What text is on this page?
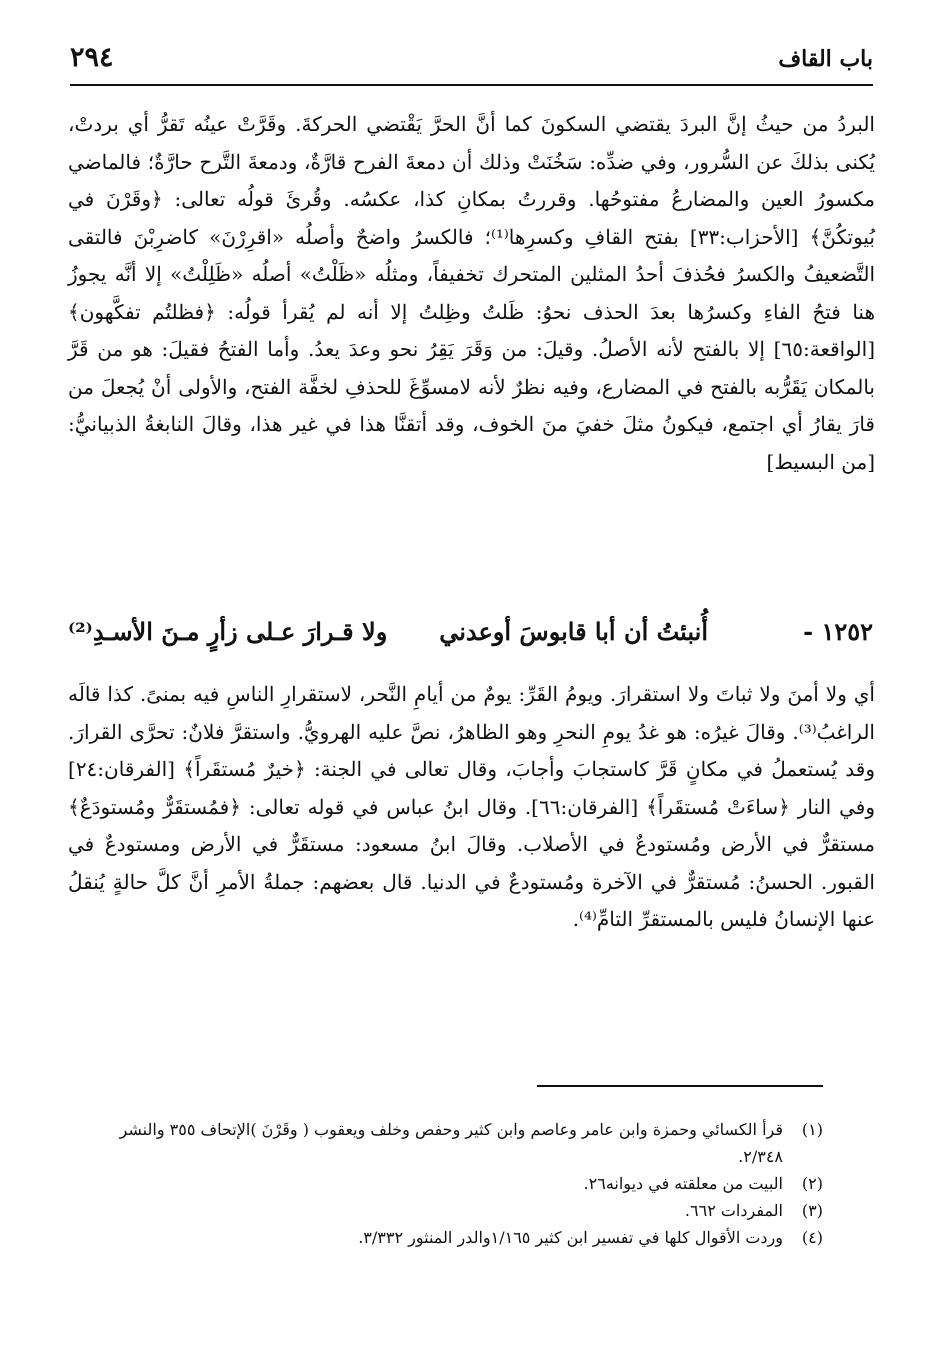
باب القاف
٢٩٤

البردُ من حيثُ إنَّ البردَ يقتضي السكونَ كما أنَّ الحرَّ يَقْتضي الحركةَ. وقَرَّتْ عينُه تَقرُّ أي بردتْ، يُكنى بذلكَ عن السُّرور، وفي ضدِّه: سَخُنَتْ وذلك أن دمعةَ الفرح قارَّةٌ، ودمعةَ التَّرح حارَّةٌ؛ فالماضي مكسورُ العين والمضارعُ مفتوحُها. وقررتُ بمكانِ كذا، عكسُه. وقُرئَ قولُه تعالى: ﴿وقَرْنَ في بُيوتكُنَّ﴾ [الأحزاب:٣٣] بفتح القافِ وكسرِها⁽¹⁾؛ فالكسرُ واضحٌ وأصلُه «اقرِرْنَ» كاضرِبْنَ فالتقى التَّضعيفُ والكسرُ فحُذفَ أحدُ المثلين المتحرك تخفيفاً، ومثلُه «ظَلْتُ» أصلُه «ظَلِلْتُ» إلا أنَّه يجوزُ هنا فتحُ الفاءِ وكسرُها بعدَ الحذف نحوُ: ظَلتُ وظِلتُ إلا أنه لم يُقرأ قولُه: ﴿فظلتُم تفكَّهون﴾ [الواقعة:٦٥] إلا بالفتح لأنه الأصلُ. وقيلَ: من وَقَرَ يَقِرُ نحو وعدَ يعدُ. وأما الفتحُ فقيلَ: هو من قَرَّ بالمكان يَقَرُّبه بالفتح في المضارع، وفيه نظرٌ لأنه لامسوِّغَ للحذفِ لخفَّة الفتح، والأولى أنْ يُجعلَ من قارَ يقارُ أي اجتمع، فيكونُ مثلَ خفيَ منَ الخوف، وقد أتقنَّا هذا في غير هذا، وقالَ النابغةُ الذبيانيُّ: [من البسيط]

١٢٥٢ -
أُنبئتُ أن أبا قابوسَ أوعدني
ولا قـرارَ عـلى زأرٍ مـنَ الأسـدِ⁽²⁾

أي ولا أمنَ ولا ثباتَ ولا استقرارَ. ويومُ القَرِّ: يومٌ من أيامِ النَّحر، لاستقرارِ الناسِ فيه بمنىً. كذا قالَه الراغبُ⁽³⁾. وقالَ غيرُه: هو غدُ يومِ النحرِ وهو الظاهرُ، نصَّ عليه الهرويُّ. واستقرَّ فلانٌ: تحرَّى القرارَ. وقد يُستعملُ في مكانٍ قَرَّ كاستجابَ وأجابَ، وقال تعالى في الجنة: ﴿خيرٌ مُستقَراً﴾ [الفرقان:٢٤] وفي النار ﴿ساءَتْ مُستقَراً﴾ [الفرقان:٦٦]. وقال ابنُ عباس في قوله تعالى: ﴿فمُستقَرٌّ ومُستودَعٌ﴾ مستقرٌّ في الأرض ومُستودعٌ في الأصلاب. وقالَ ابنُ مسعود: مستقَرٌّ في الأرض ومستودعٌ في القبور. الحسنُ: مُستقرٌّ في الآخرة ومُستودعٌ في الدنيا. قال بعضهم: جملةُ الأمرِ أنَّ كلَّ حالةٍ يُنقلُ عنها الإنسانُ فليس بالمستقرِّ التامِّ⁽⁴⁾.

(١)
قرأ الكسائي وحمزة وابن عامر وعاصم وابن كثير وحفص وخلف ويعقوب ( وقَرْنَ )الإتحاف ٣٥٥ والنشر ٢/٣٤٨.
(٢)
البيت من معلقته في ديوانه٢٦.
(٣)
المفردات ٦٦٢.
(٤)
وردت الأقوال كلها في تفسير ابن كثير ١/١٦٥والدر المنثور ٣/٣٣٢.
